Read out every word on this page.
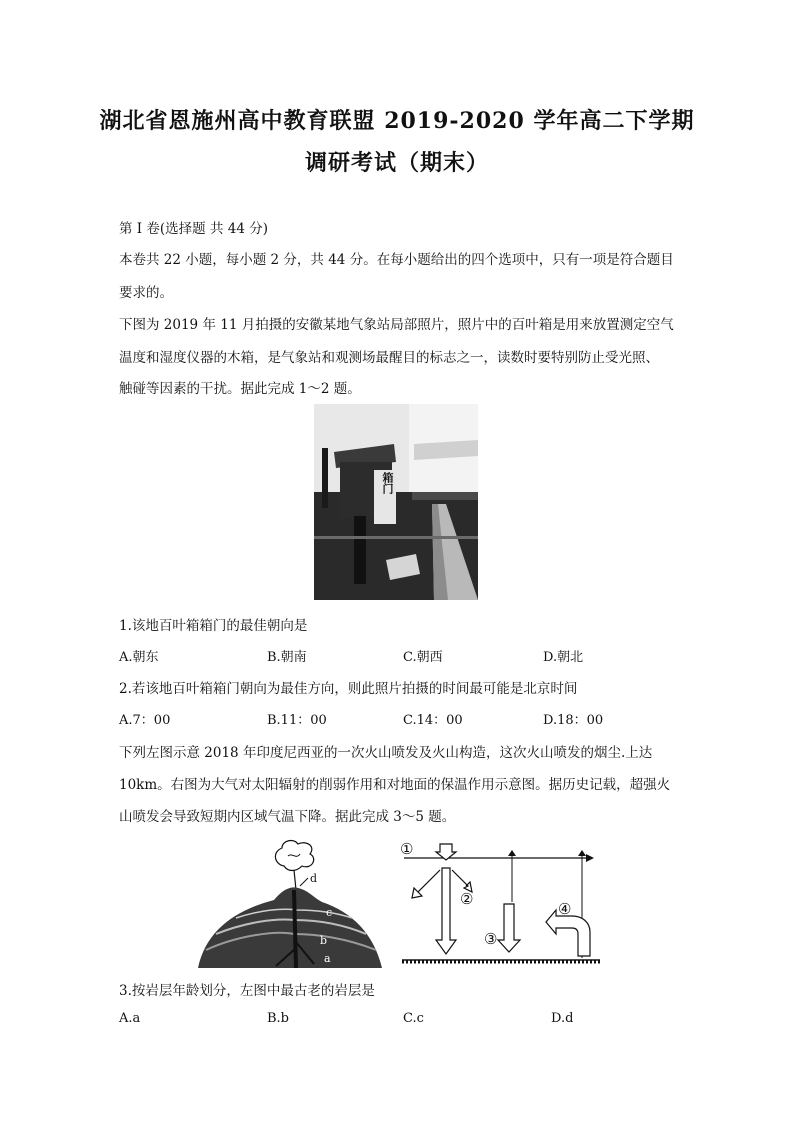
湖北省恩施州高中教育联盟 2019-2020 学年高二下学期
调研考试（期末）
第 I 卷(选择题 共 44 分)
本卷共 22 小题，每小题 2 分，共 44 分。在每小题给出的四个选项中，只有一项是符合题目
要求的。
下图为 2019 年 11 月拍摄的安徽某地气象站局部照片，照片中的百叶箱是用来放置测定空气
温度和湿度仪器的木箱，是气象站和观测场最醒目的标志之一，读数时要特别防止受光照、
触碰等因素的干扰。据此完成 1～2 题。
箱门
1.该地百叶箱箱门的最佳朝向是
A.朝东	B.朝南	C.朝西	D.朝北
2.若该地百叶箱箱门朝向为最佳方向，则此照片拍摄的时间最可能是北京时间
A.7：00	B.11：00	C.14：00	D.18：00
下列左图示意 2018 年印度尼西亚的一次火山喷发及火山构造，这次火山喷发的烟尘.上达
10km。右图为大气对太阳辐射的削弱作用和对地面的保温作用示意图。据历史记载，超强火
山喷发会导致短期内区域气温下降。据此完成 3～5 题。
d
c
b
a
①
②
③
④
3.按岩层年龄划分，左图中最古老的岩层是
A.a	B.b	C.c	D.d
